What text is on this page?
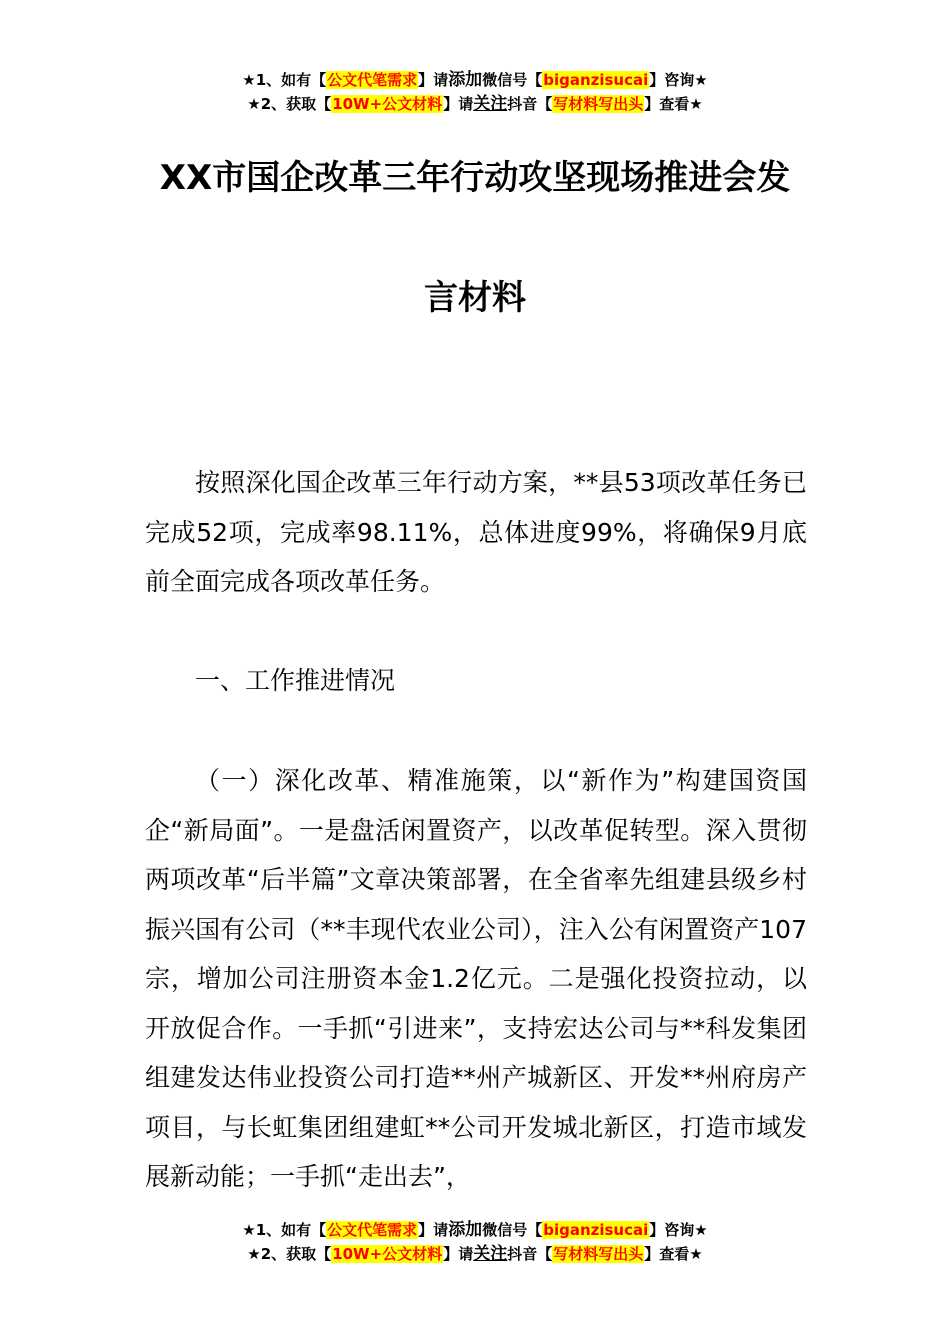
★1、如有【公文代笔需求】请添加微信号【biganzisucai】咨询★
★2、获取【10W+公文材料】请关注抖音【写材料写出头】查看★
XX市国企改革三年行动攻坚现场推进会发
言材料

按照深化国企改革三年行动方案，**县53项改革任务已完成52项，完成率98.11%，总体进度99%，将确保9月底前全面完成各项改革任务。

一、工作推进情况

（一）深化改革、精准施策，以“新作为”构建国资国企“新局面”。一是盘活闲置资产，以改革促转型。深入贯彻两项改革“后半篇”文章决策部署，在全省率先组建县级乡村振兴国有公司（**丰现代农业公司），注入公有闲置资产107宗，增加公司注册资本金1.2亿元。二是强化投资拉动，以开放促合作。一手抓“引进来”，支持宏达公司与**科发集团组建发达伟业投资公司打造**州产城新区、开发**州府房产项目，与长虹集团组建虹**公司开发城北新区，打造市域发展新动能；一手抓“走出去”，

★1、如有【公文代笔需求】请添加微信号【biganzisucai】咨询★
★2、获取【10W+公文材料】请关注抖音【写材料写出头】查看★
